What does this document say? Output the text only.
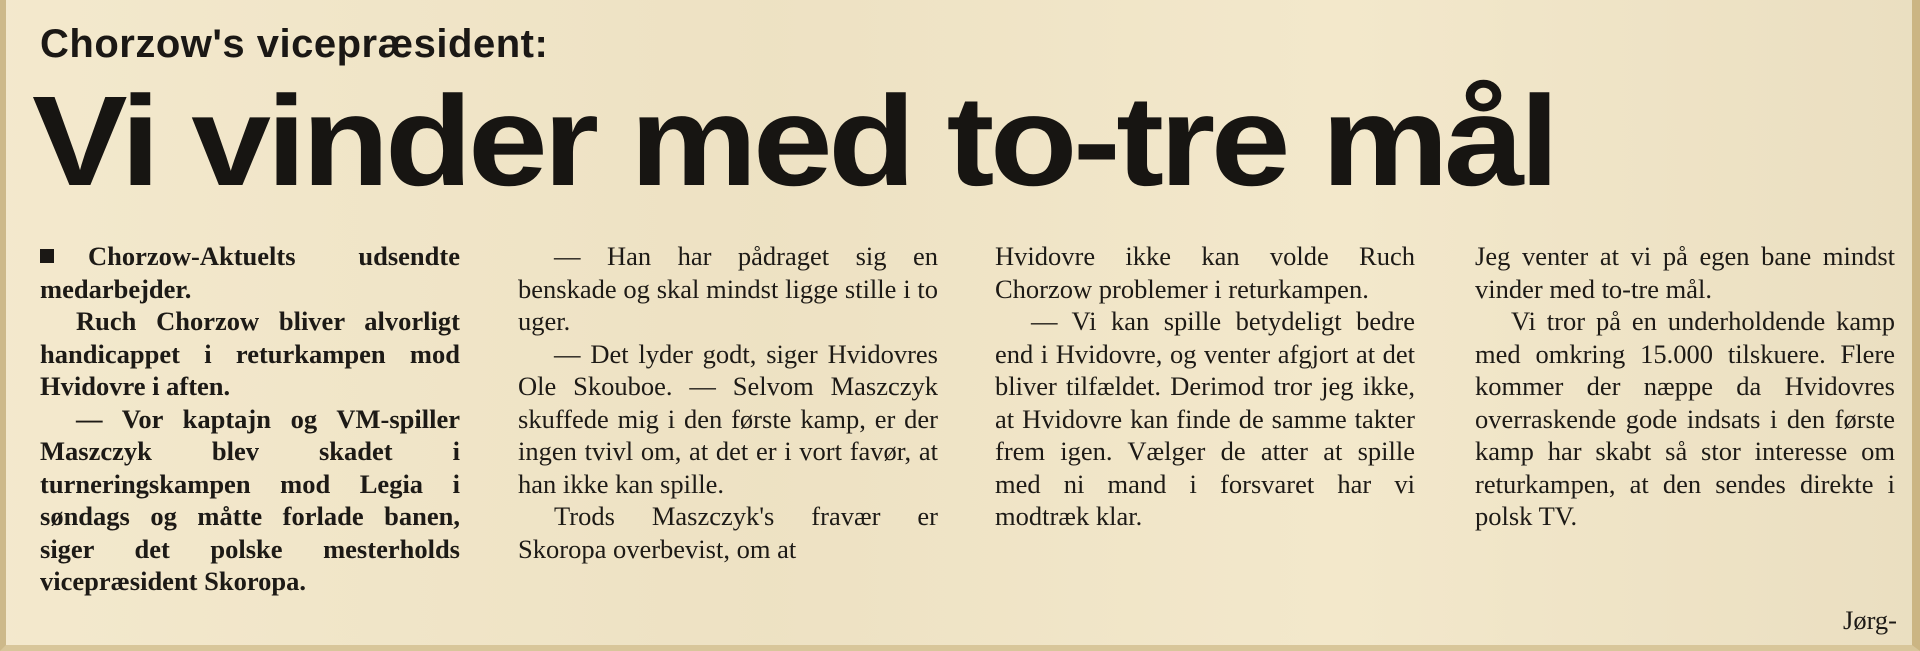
Chorzow's vicepræsident:
Vi vinder med to-tre mål

Chorzow-Aktuelts udsendte medarbejder.

Ruch Chorzow bliver alvorligt handicappet i returkampen mod Hvidovre i aften.

— Vor kaptajn og VM-spiller Maszczyk blev skadet i turneringskampen mod Legia i søndags og måtte forlade banen, siger det polske mesterholds vicepræsident Skoropa.

— Han har pådraget sig en benskade og skal mindst ligge stille i to uger.

— Det lyder godt, siger Hvidovres Ole Skouboe. — Selvom Maszczyk skuffede mig i den første kamp, er der ingen tvivl om, at det er i vort favør, at han ikke kan spille.

Trods Maszczyk's fravær er Skoropa overbevist, om at

Hvidovre ikke kan volde Ruch Chorzow problemer i returkampen.

— Vi kan spille betydeligt bedre end i Hvidovre, og venter afgjort at det bliver tilfældet. Derimod tror jeg ikke, at Hvidovre kan finde de samme takter frem igen. Vælger de atter at spille med ni mand i forsvaret har vi modtræk klar.

Jeg venter at vi på egen bane mindst vinder med to-tre mål.

Vi tror på en underholdende kamp med omkring 15.000 tilskuere. Flere kommer der næppe da Hvidovres overraskende gode indsats i den første kamp har skabt så stor interesse om returkampen, at den sendes direkte i polsk TV.

Jørg-
